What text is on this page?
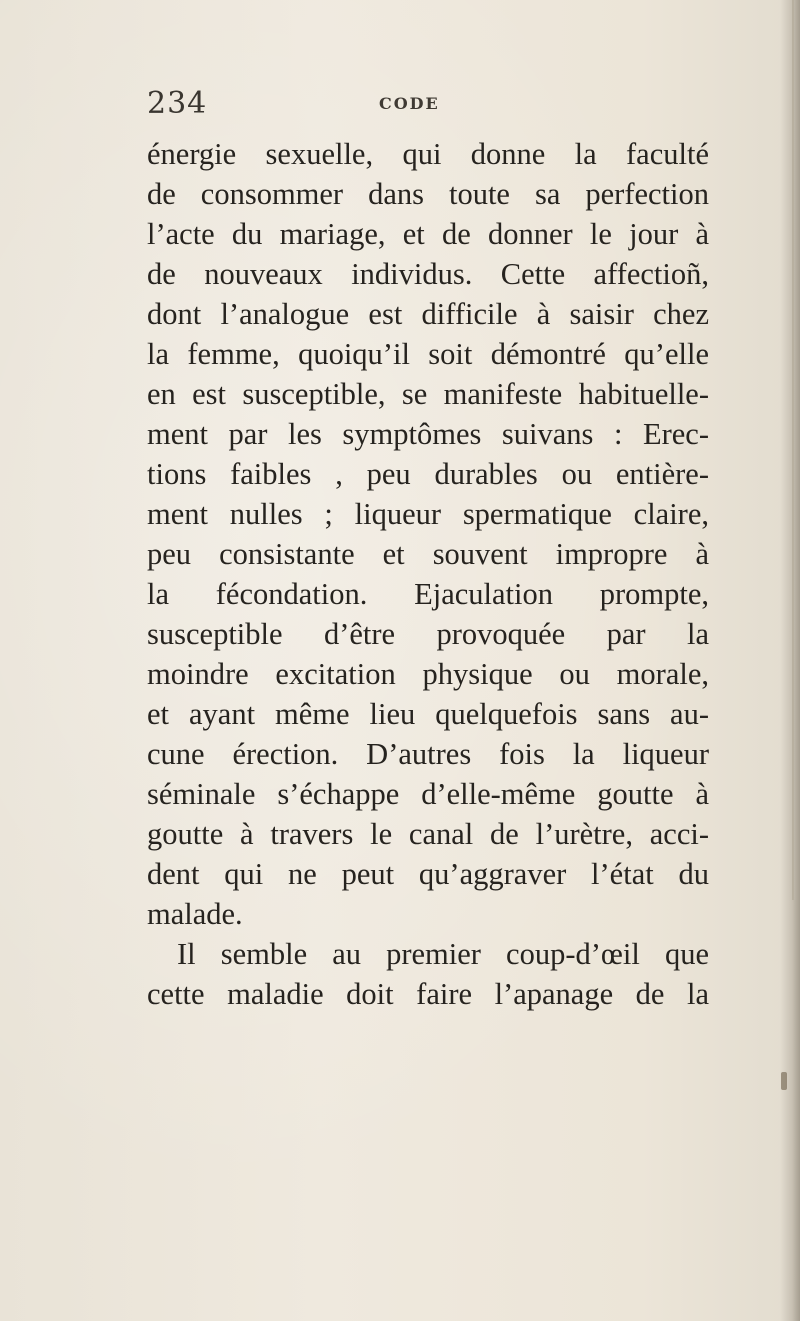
234	CODE
énergie sexuelle, qui donne la faculté
de consommer dans toute sa perfection
l’acte du mariage, et de donner le jour à
de nouveaux individus. Cette affectioñ,
dont l’analogue est difficile à saisir chez
la femme, quoiqu’il soit démontré qu’elle
en est susceptible, se manifeste habituelle-
ment par les symptômes suivans : Erec-
tions faibles , peu durables ou entière-
ment nulles ; liqueur spermatique claire,
peu consistante et souvent impropre à
la fécondation. Ejaculation prompte,
susceptible d’être provoquée par la
moindre excitation physique ou morale,
et ayant même lieu quelquefois sans au-
cune érection. D’autres fois la liqueur
séminale s’échappe d’elle-même goutte à
goutte à travers le canal de l’urètre, acci-
dent qui ne peut qu’aggraver l’état du
malade.
Il semble au premier coup-d’œil que
cette maladie doit faire l’apanage de la
